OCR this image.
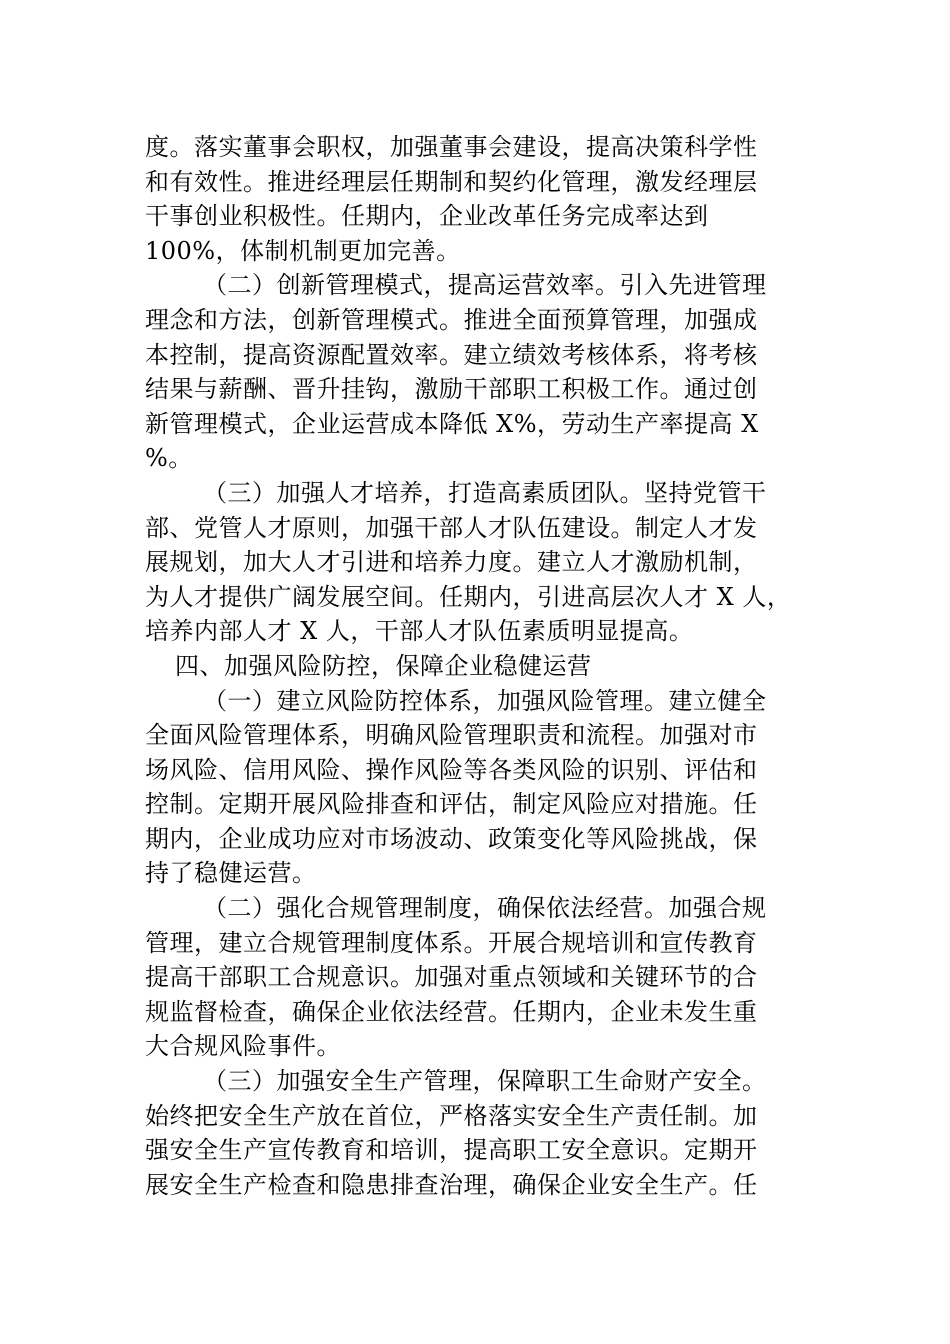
度。落实董事会职权，加强董事会建设，提高决策科学性
和有效性。推进经理层任期制和契约化管理，激发经理层
干事创业积极性。任期内，企业改革任务完成率达到
100%，体制机制更加完善。
（二）创新管理模式，提高运营效率。引入先进管理
理念和方法，创新管理模式。推进全面预算管理，加强成
本控制，提高资源配置效率。建立绩效考核体系，将考核
结果与薪酬、晋升挂钩，激励干部职工积极工作。通过创
新管理模式，企业运营成本降低 X%，劳动生产率提高 X
%。
（三）加强人才培养，打造高素质团队。坚持党管干
部、党管人才原则，加强干部人才队伍建设。制定人才发
展规划，加大人才引进和培养力度。建立人才激励机制，
为人才提供广阔发展空间。任期内，引进高层次人才 X 人，
培养内部人才 X 人，干部人才队伍素质明显提高。
四、加强风险防控，保障企业稳健运营
（一）建立风险防控体系，加强风险管理。建立健全
全面风险管理体系，明确风险管理职责和流程。加强对市
场风险、信用风险、操作风险等各类风险的识别、评估和
控制。定期开展风险排查和评估，制定风险应对措施。任
期内，企业成功应对市场波动、政策变化等风险挑战，保
持了稳健运营。
（二）强化合规管理制度，确保依法经营。加强合规
管理，建立合规管理制度体系。开展合规培训和宣传教育
提高干部职工合规意识。加强对重点领域和关键环节的合
规监督检查，确保企业依法经营。任期内，企业未发生重
大合规风险事件。
（三）加强安全生产管理，保障职工生命财产安全。
始终把安全生产放在首位，严格落实安全生产责任制。加
强安全生产宣传教育和培训，提高职工安全意识。定期开
展安全生产检查和隐患排查治理，确保企业安全生产。任
